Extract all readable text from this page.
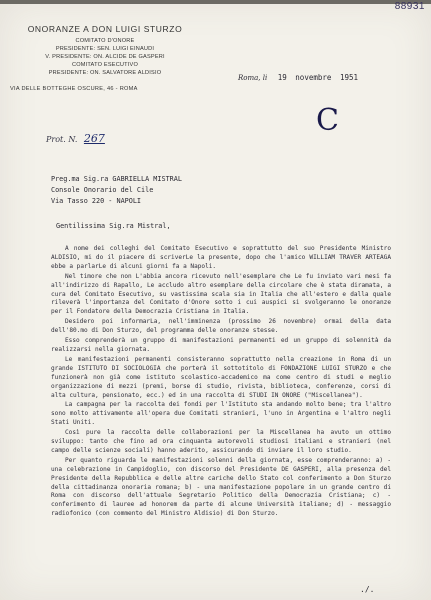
88931
ONORANZE A DON LUIGI STURZO
COMITATO D'ONORE
PRESIDENTE: SEN. LUIGI EINAUDI
V. PRESIDENTE: ON. ALCIDE DE GASPERI
COMITATO ESECUTIVO
PRESIDENTE: ON. SALVATORE ALDISIO
VIA DELLE BOTTEGHE OSCURE, 46 - ROMA
Roma, li 19 novembre 1951
Prot. N. 267
C
Preg.ma Sig.ra GABRIELLA MISTRAL
Console Onorario del Cile
Via Tasso 220 - NAPOLI
Gentilissima Sig.ra Mistral,

A nome dei colleghi del Comitato Esecutivo e soprattutto del suo Presidente Ministro ALDISIO, mi do il piacere di scriverLe la presente, dopo che l'amico WILLIAM TRAVER ARTEAGA ebbe a parlarLe di alcuni giorni fa a Napoli.

Nel timore che non L'abbia ancora ricevuto nell'esemplare che Le fu inviato vari mesi fa all'indirizzo di Rapallo, Le accludo altro esemplare della circolare che è stata diramata, a cura del Comitato Esecutivo, su vastissima scala sia in Italia che all'estero e dalla quale rileverà l'importanza del Comitato d'Onore sotto i cui auspici si svolgeranno le onoranze per il Fondatore della Democrazia Cristiana in Italia.

Desidero poi informarLa, nell'imminenza (prossimo 26 novembre) ormai della data dell'80.mo di Don Sturzo, del programma delle onoranze stesse.

Esso comprenderà un gruppo di manifestazioni permanenti ed un gruppo di solennità da realizzarsi nella giornata.

Le manifestazioni permanenti consisteranno soprattutto nella creazione in Roma di un grande ISTITUTO DI SOCIOLOGIA che porterà il sottotitolo di FONDAZIONE LUIGI STURZO e che funzionerà non già come istituto scolastico-accademico ma come centro di studi e meglio organizzazione di mezzi (premi, borse di studio, rivista, biblioteca, conferenze, corsi di alta cultura, pensionato, ecc.) ed in una raccolta di STUDI IN ONORE ("Miscellanea").

La campagna per la raccolta dei fondi per l'Istituto sta andando molto bene; tra l'altro sono molto attivamente all'opera due Comitati stranieri, l'uno in Argentina e l'altro negli Stati Uniti.

Così pure la raccolta delle collaborazioni per la Miscellanea ha avuto un ottimo sviluppo: tanto che fino ad ora cinquanta autorevoli studiosi italiani e stranieri (nel campo delle scienze sociali) hanno aderito, assicurando di inviare il loro studio.

Per quanto riguarda le manifestazioni solenni della giornata, esse comprenderanno: a) - una celebrazione in Campidoglio, con discorso del Presidente DE GASPERI, alla presenza del Presidente della Repubblica e delle altre cariche dello Stato col conferimento a Don Sturzo della cittadinanza onoraria romana; b) - una manifestazione popolare in un grande centro di Roma con discorso dell'attuale Segretario Politico della Democrazia Cristiana; c) - conferimento di lauree ad honorem da parte di alcune Università italiane; d) - messaggio radiofonico (con commento del Ministro Aldisio) di Don Sturzo.

./.
